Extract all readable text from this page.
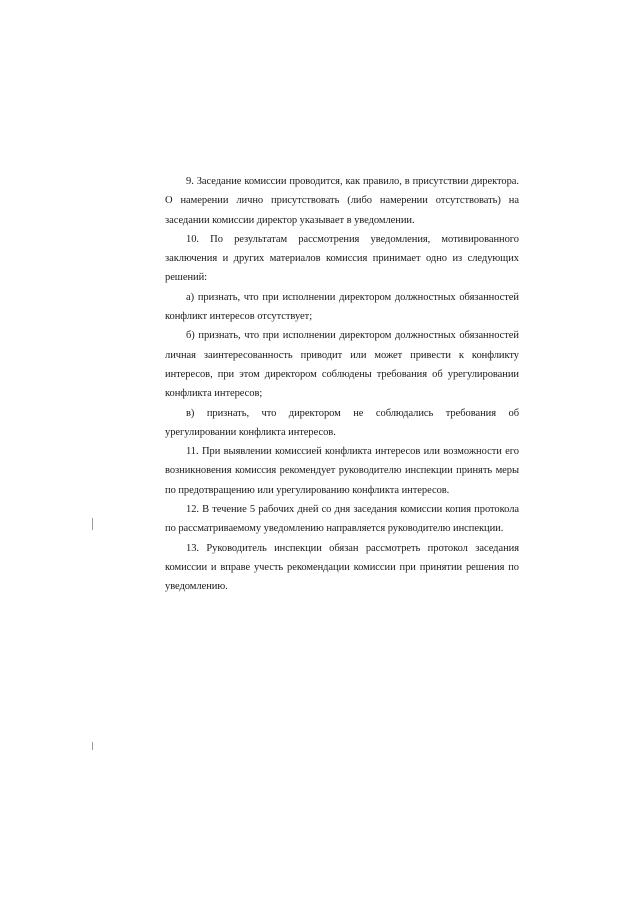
9. Заседание комиссии проводится, как правило, в присутствии директора. О намерении лично присутствовать (либо намерении отсутствовать) на заседании комиссии директор указывает в уведомлении.

10. По результатам рассмотрения уведомления, мотивированного заключения и других материалов комиссия принимает одно из следующих решений:

а) признать, что при исполнении директором должностных обязанностей конфликт интересов отсутствует;

б) признать, что при исполнении директором должностных обязанностей личная заинтересованность приводит или может привести к конфликту интересов, при этом директором соблюдены требования об урегулировании конфликта интересов;

в) признать, что директором не соблюдались требования об урегулировании конфликта интересов.

11. При выявлении комиссией конфликта интересов или возможности его возникновения комиссия рекомендует руководителю инспекции принять меры по предотвращению или урегулированию конфликта интересов.

12. В течение 5 рабочих дней со дня заседания комиссии копия протокола по рассматриваемому уведомлению направляется руководителю инспекции.

13. Руководитель инспекции обязан рассмотреть протокол заседания комиссии и вправе учесть рекомендации комиссии при принятии решения по уведомлению.
